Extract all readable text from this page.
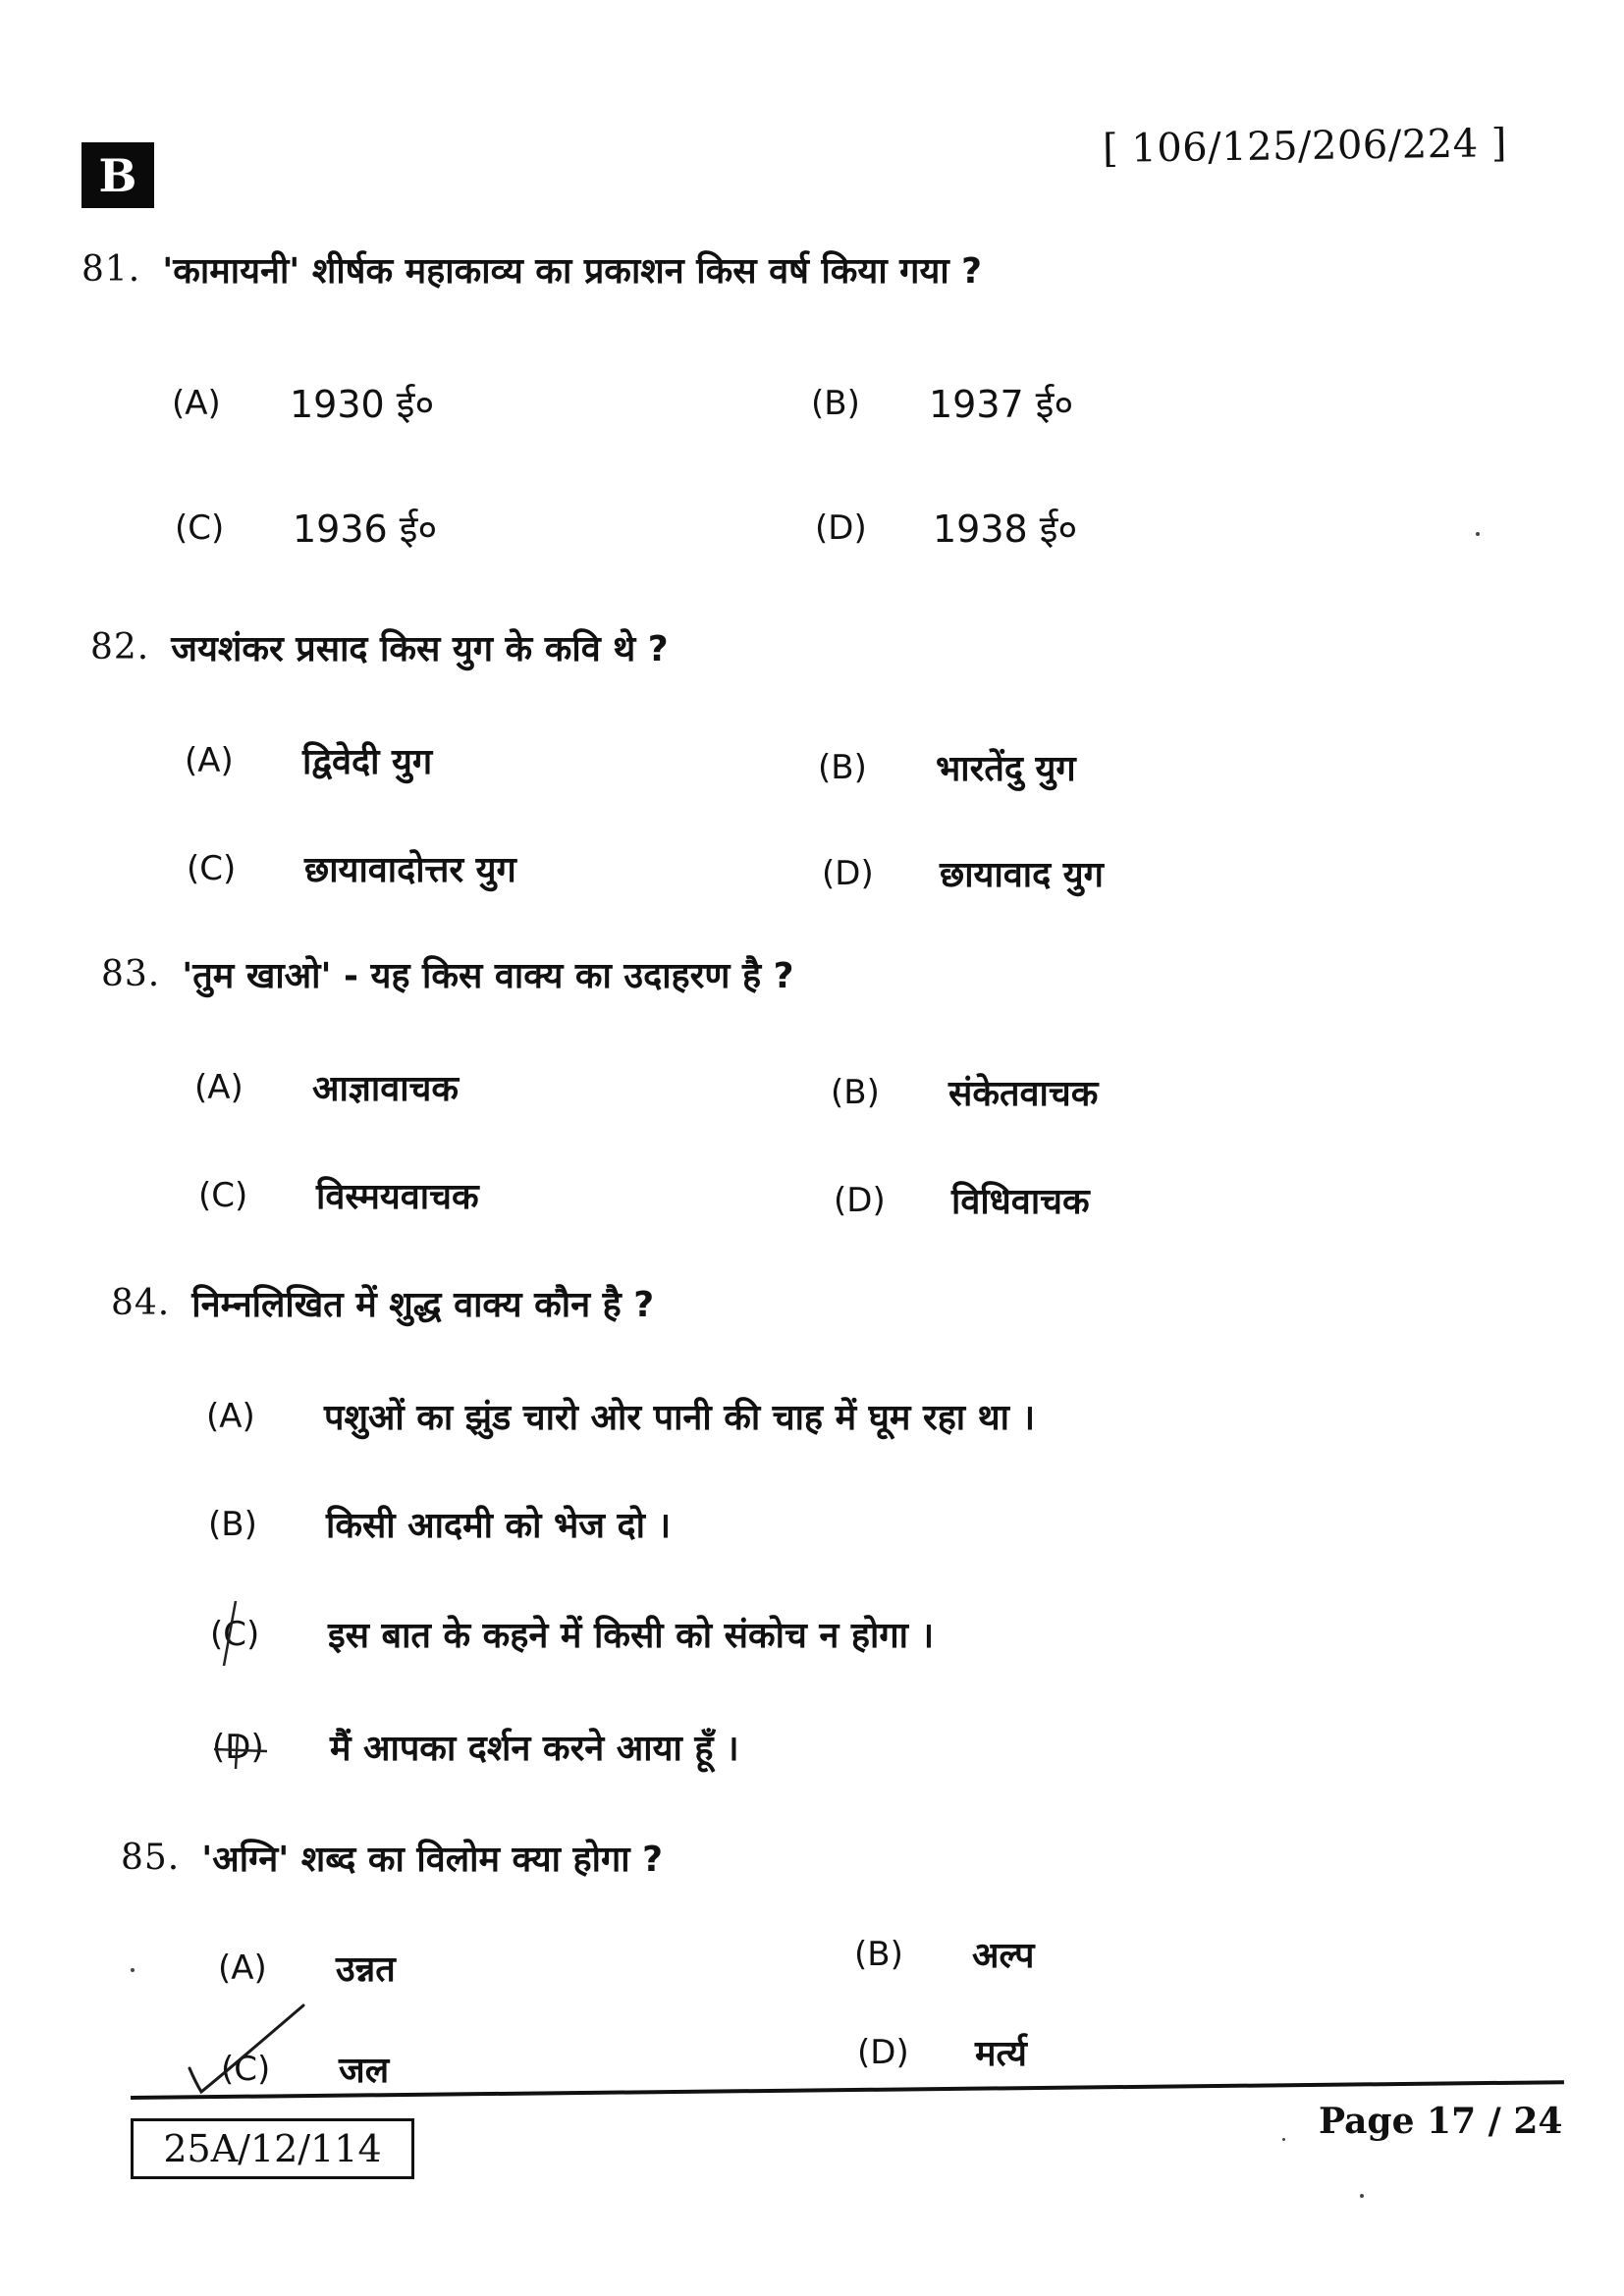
B
[ 106/125/206/224 ]
81. 'कामायनी' शीर्षक महाकाव्य का प्रकाशन किस वर्ष किया गया ?
(A)	1930 ई०	(B)	1937 ई०
(C)	1936 ई०	(D)	1938 ई०
82. जयशंकर प्रसाद किस युग के कवि थे ?
(A)	द्विवेदी युग	(B)	भारतेंदु युग
(C)	छायावादोत्तर युग	(D)	छायावाद युग
83. 'तुम खाओ' - यह किस वाक्य का उदाहरण है ?
(A)	आज्ञावाचक	(B)	संकेतवाचक
(C)	विस्मयवाचक	(D)	विधिवाचक
84. निम्नलिखित में शुद्ध वाक्य कौन है ?
(A)	पशुओं का झुंड चारो ओर पानी की चाह में घूम रहा था ।
(B)	किसी आदमी को भेज दो ।
(C)	इस बात के कहने में किसी को संकोच न होगा ।
(D)	मैं आपका दर्शन करने आया हूँ ।
85. 'अग्नि' शब्द का विलोम क्या होगा ?
(A)	उन्नत	(B)	अल्प
(C)	जल	(D)	मर्त्य
25A/12/114
Page 17 / 24
